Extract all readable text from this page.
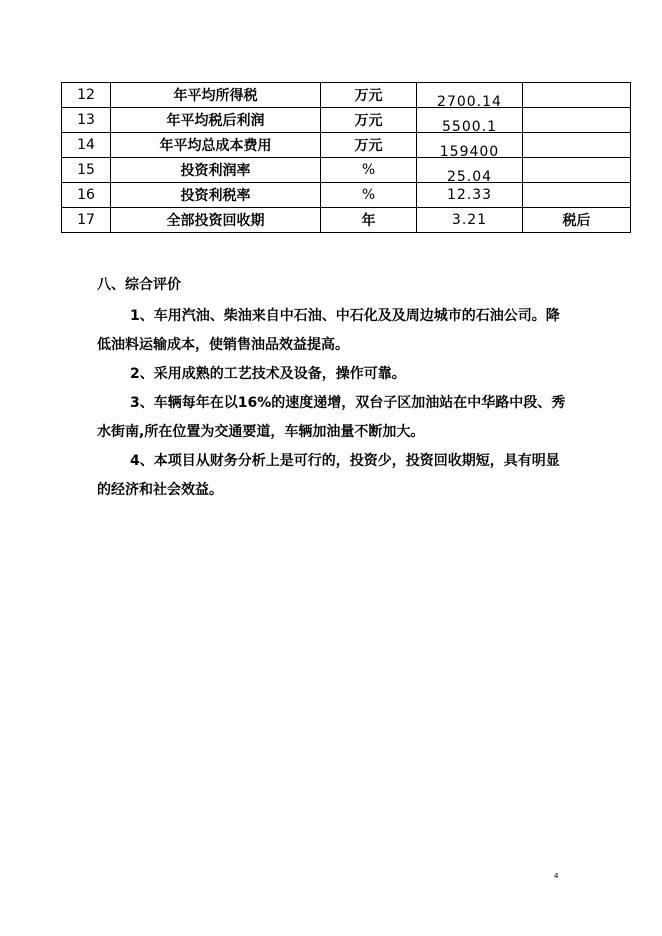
12	年平均所得税	万元	2700.14	
13	年平均税后利润	万元	5500.1	
14	年平均总成本费用	万元	159400	
15	投资利润率	%	25.04	
16	投资利税率	%	12.33	
17	全部投资回收期	年	3.21	税后
八、综合评价

1、车用汽油、柴油来自中石油、中石化及及周边城市的石油公司。降低油料运输成本，使销售油品效益提高。

2、采用成熟的工艺技术及设备，操作可靠。

3、车辆每年在以16%的速度递增，双台子区加油站在中华路中段、秀水街南,所在位置为交通要道，车辆加油量不断加大。

4、本项目从财务分析上是可行的，投资少，投资回收期短，具有明显的经济和社会效益。

4
